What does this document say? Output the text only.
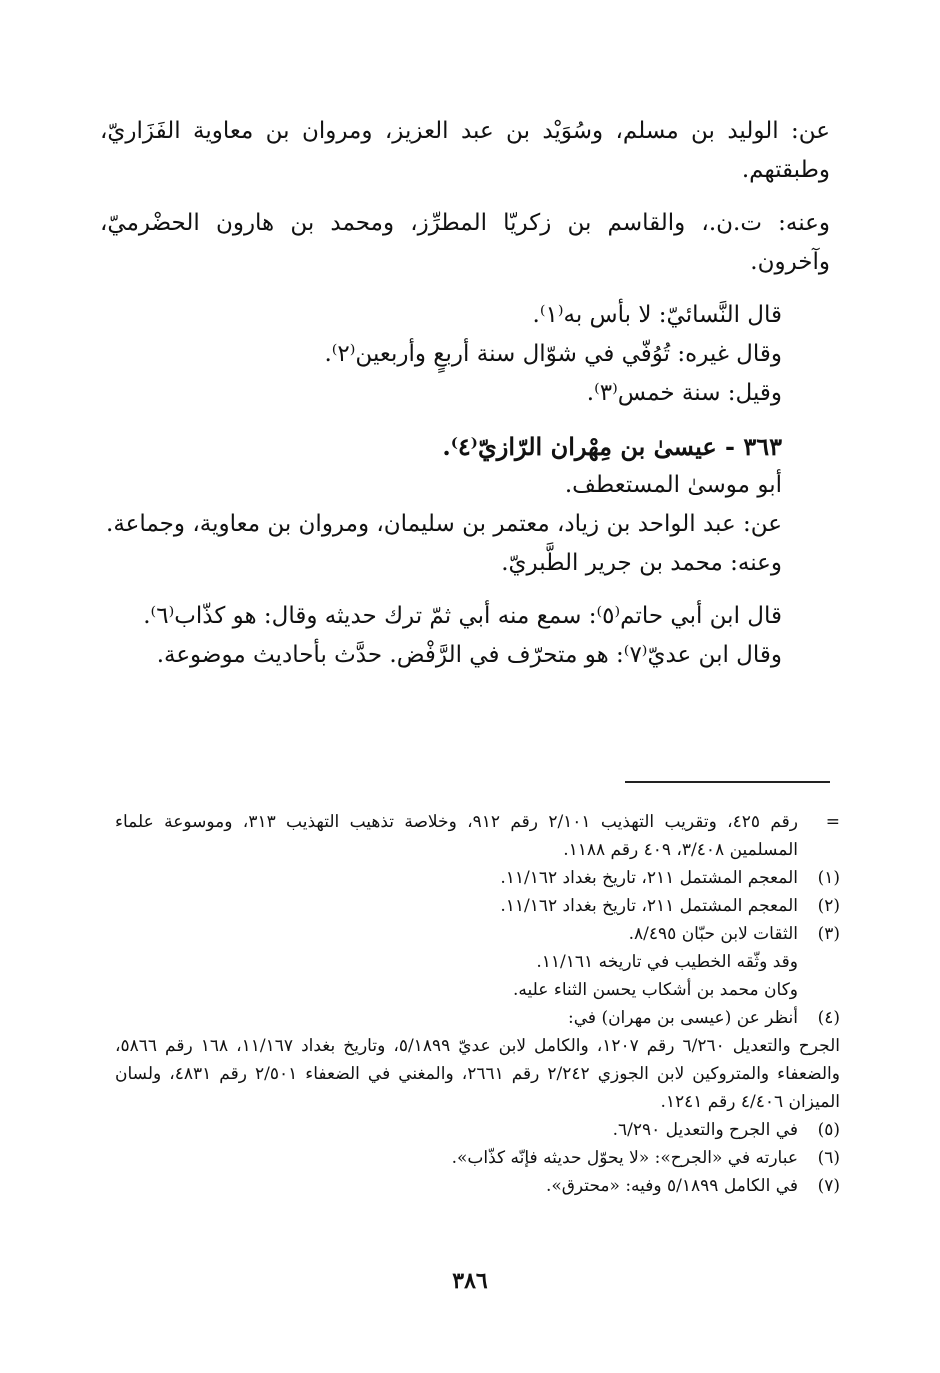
عن: الوليد بن مسلم، وسُوَيْد بن عبد العزيز، ومروان بن معاوية الفَزَاريّ، وطبقتهم.

وعنه: ت.ن.، والقاسم بن زكريّا المطرِّز، ومحمد بن هارون الحضْرميّ، وآخرون.

قال النَّسائيّ: لا بأس به⁽١⁾.

وقال غيره: تُوُفّي في شوّال سنة أربعٍ وأربعين⁽٢⁾.

وقيل: سنة خمس⁽٣⁾.

٣٦٣ - عيسىٰ بن مِهْران الرّازيّ⁽٤⁾.

أبو موسىٰ المستعطف.

عن: عبد الواحد بن زياد، معتمر بن سليمان، ومروان بن معاوية، وجماعة.

وعنه: محمد بن جرير الطَّبريّ.

قال ابن أبي حاتم⁽٥⁾: سمع منه أبي ثمّ ترك حديثه وقال: هو كذّاب⁽٦⁾.

وقال ابن عديّ⁽٧⁾: هو متحرّف في الرَّفْض. حدَّث بأحاديث موضوعة.

=
رقم ٤٢٥، وتقريب التهذيب ٢/١٠١ رقم ٩١٢، وخلاصة تذهيب التهذيب ٣١٣، وموسوعة علماء المسلمين ٣/٤٠٨، ٤٠٩ رقم ١١٨٨.
(١)
المعجم المشتمل ٢١١، تاريخ بغداد ١١/١٦٢.
(٢)
المعجم المشتمل ٢١١، تاريخ بغداد ١١/١٦٢.
(٣)
الثقات لابن حبّان ٨/٤٩٥.

وقد وثّقه الخطيب في تاريخه ١١/١٦١.

وكان محمد بن أشكاب يحسن الثناء عليه.

(٤)
أنظر عن (عيسى بن مهران) في:

الجرح والتعديل ٦/٢٦٠ رقم ١٢٠٧، والكامل لابن عديّ ٥/١٨٩٩، وتاريخ بغداد ١١/١٦٧، ١٦٨ رقم ٥٨٦٦، والضعفاء والمتروكين لابن الجوزي ٢/٢٤٢ رقم ٢٦٦١، والمغني في الضعفاء ٢/٥٠١ رقم ٤٨٣١، ولسان الميزان ٤/٤٠٦ رقم ١٢٤١.

(٥)
في الجرح والتعديل ٦/٢٩٠.
(٦)
عبارته في «الجرح»: «لا يحوّل حديثه فإنّه كذّاب».
(٧)
في الكامل ٥/١٨٩٩ وفيه: «محترق».
٣٨٦
